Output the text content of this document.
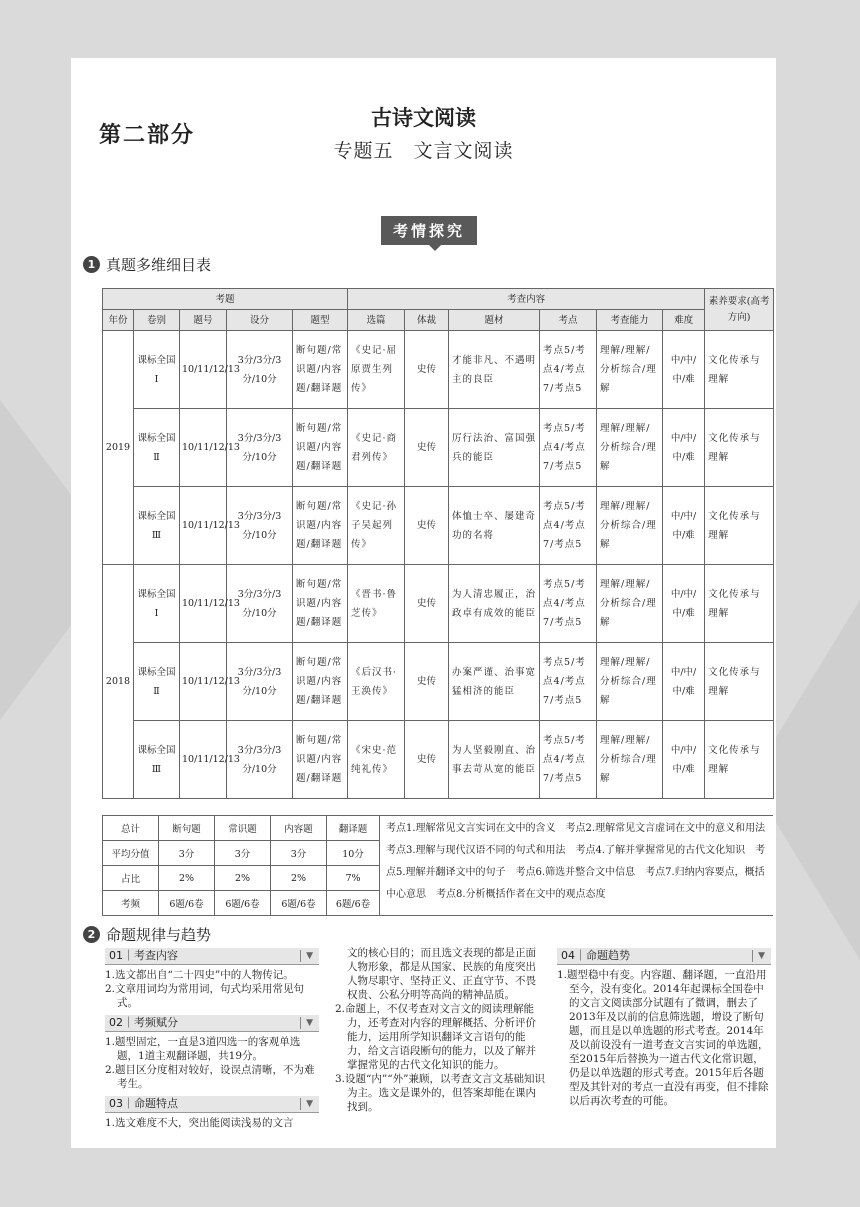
第二部分
古诗文阅读
专题五　文言文阅读
考情探究
1 真题多维细目表
考题					考查内容						素养要求(高考方向)
年份	卷别	题号	设分	题型	选篇	体裁	题材	考点	考查能力	难度	
2019	课标全国Ⅰ	10/11/12/13	3分/3分/3分/10分	断句题/常识题/内容题/翻译题	《史记·屈原贾生列传》	史传	才能非凡、不遇明主的良臣	考点5/考点4/考点7/考点5	理解/理解/分析综合/理解	中/中/中/难	文化传承与理解
	课标全国Ⅱ	10/11/12/13	3分/3分/3分/10分	断句题/常识题/内容题/翻译题	《史记·商君列传》	史传	厉行法治、富国强兵的能臣	考点5/考点4/考点7/考点5	理解/理解/分析综合/理解	中/中/中/难	文化传承与理解
	课标全国Ⅲ	10/11/12/13	3分/3分/3分/10分	断句题/常识题/内容题/翻译题	《史记·孙子吴起列传》	史传	体恤士卒、屡建奇功的名将	考点5/考点4/考点7/考点5	理解/理解/分析综合/理解	中/中/中/难	文化传承与理解
2018	课标全国Ⅰ	10/11/12/13	3分/3分/3分/10分	断句题/常识题/内容题/翻译题	《晋书·鲁芝传》	史传	为人清忠履正，治政卓有成效的能臣	考点5/考点4/考点7/考点5	理解/理解/分析综合/理解	中/中/中/难	文化传承与理解
	课标全国Ⅱ	10/11/12/13	3分/3分/3分/10分	断句题/常识题/内容题/翻译题	《后汉书·王涣传》	史传	办案严谨、治事宽猛相济的能臣	考点5/考点4/考点7/考点5	理解/理解/分析综合/理解	中/中/中/难	文化传承与理解
	课标全国Ⅲ	10/11/12/13	3分/3分/3分/10分	断句题/常识题/内容题/翻译题	《宋史·范纯礼传》	史传	为人坚毅刚直、治事去苛从宽的能臣	考点5/考点4/考点7/考点5	理解/理解/分析综合/理解	中/中/中/难	文化传承与理解
总计	断句题	常识题	内容题	翻译题	考点1.理解常见文言实词在文中的含义　考点2.理解常见文言虚词在文中的意义和用法　考点3.理解与现代汉语不同的句式和用法　考点4.了解并掌握常见的古代文化知识　考点5.理解并翻译文中的句子　考点6.筛选并整合文中信息　考点7.归纳内容要点，概括中心意思　考点8.分析概括作者在文中的观点态度
平均分值	3分	3分	3分	10分	
占比	2%	2%	2%	7%	
考频	6题/6卷	6题/6卷	6题/6卷	6题/6卷	
2 命题规律与趋势
01｜考查内容	▼

1.选文都出自“二十四史”中的人物传记。

2.文章用词均为常用词，句式均采用常见句式。

02｜考频赋分	▼

1.题型固定，一直是3道四选一的客观单选题，1道主观翻译题，共19分。

2.题目区分度相对较好，设误点清晰，不为难考生。

03｜命题特点	▼

1.选文难度不大，突出能阅读浅易的文言

文的核心目的；而且选文表现的都是正面人物形象，都是从国家、民族的角度突出人物尽职守、坚持正义、正直守节、不畏权贵、公私分明等高尚的精神品质。

2.命题上，不仅考查对文言文的阅读理解能力，还考查对内容的理解概括、分析评价能力，运用所学知识翻译文言语句的能力，给文言语段断句的能力，以及了解并掌握常见的古代文化知识的能力。

3.设题“内”“外”兼顾，以考查文言文基础知识为主。选文是课外的，但答案却能在课内找到。

04｜命题趋势	▼

1.题型稳中有变。内容题、翻译题，一直沿用至今，没有变化。2014年起课标全国卷中的文言文阅读部分试题有了微调，删去了2013年及以前的信息筛选题，增设了断句题，而且是以单选题的形式考查。2014年及以前设没有一道考查文言实词的单选题，至2015年后替换为一道古代文化常识题，仍是以单选题的形式考查。2015年后各题型及其针对的考点一直没有再变，但不排除以后再次考查的可能。
